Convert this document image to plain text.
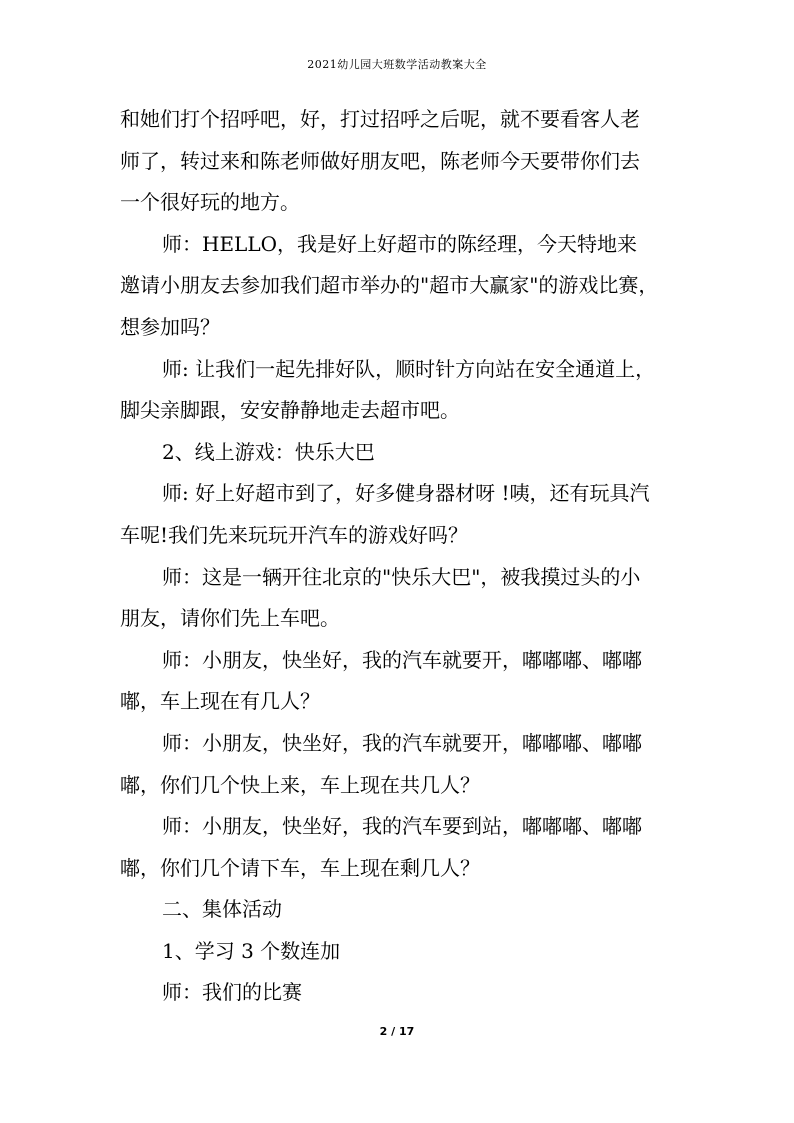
2021幼儿园大班数学活动教案大全

和她们打个招呼吧，好，打过招呼之后呢，就不要看客人老

师了，转过来和陈老师做好朋友吧，陈老师今天要带你们去

一个很好玩的地方。

师：HELLO，我是好上好超市的陈经理，今天特地来

邀请小朋友去参加我们超市举办的"超市大赢家"的游戏比赛，

想参加吗？

师: 让我们一起先排好队，顺时针方向站在安全通道上，

脚尖亲脚跟，安安静静地走去超市吧。

2、线上游戏：快乐大巴

师: 好上好超市到了，好多健身器材呀 !咦，还有玩具汽

车呢!我们先来玩玩开汽车的游戏好吗？

师：这是一辆开往北京的"快乐大巴"，被我摸过头的小

朋友，请你们先上车吧。

师：小朋友，快坐好，我的汽车就要开，嘟嘟嘟、嘟嘟

嘟，车上现在有几人？

师：小朋友，快坐好，我的汽车就要开，嘟嘟嘟、嘟嘟

嘟，你们几个快上来，车上现在共几人？

师：小朋友，快坐好，我的汽车要到站，嘟嘟嘟、嘟嘟

嘟，你们几个请下车，车上现在剩几人？

二、集体活动

1、学习 3 个数连加

师：我们的比赛

2 / 17
